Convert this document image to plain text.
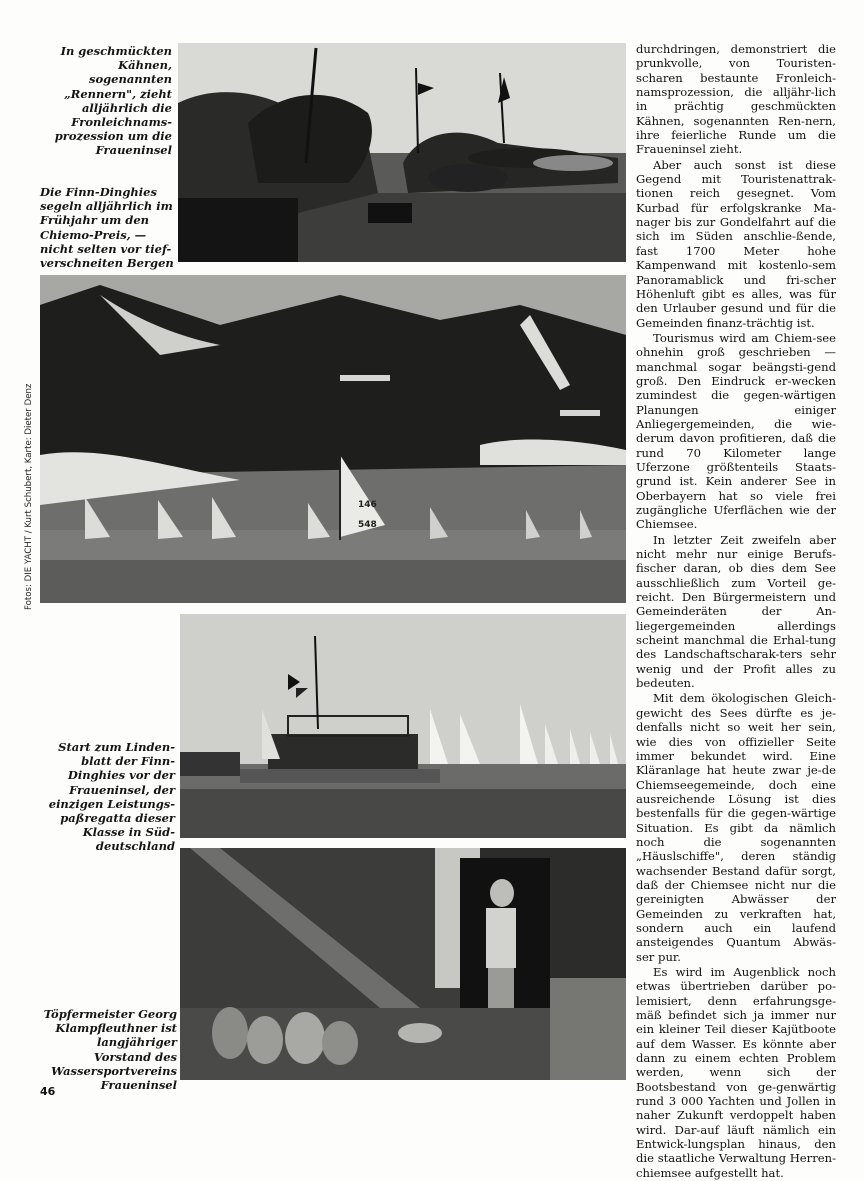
In geschmückten Kähnen, sogenannten „Rennern", zieht alljährlich die Fronleichnams-prozession um die Fraueninsel
Die Finn-Dinghies segeln alljährlich im Frühjahr um den Chiemo-Preis, — nicht selten vor tief-verschneiten Bergen
146
548
Fotos: DIE YACHT / Kurt Schubert, Karte: Dieter Denz
Start zum Linden-blatt der Finn-Dinghies vor der Fraueninsel, der einzigen Leistungs-paßregatta dieser Klasse in Süd-deutschland
Töpfermeister Georg Klampfleuthner ist langjähriger Vorstand des Wassersportvereins Fraueninsel

durchdringen, demonstriert die prunkvolle, von Touristen-scharen bestaunte Fronleich-namsprozession, die alljähr-lich in prächtig geschmückten Kähnen, sogenannten Ren-nern, ihre feierliche Runde um die Fraueninsel zieht.

Aber auch sonst ist diese Gegend mit Touristenattrak-tionen reich gesegnet. Vom Kurbad für erfolgskranke Ma-nager bis zur Gondelfahrt auf die sich im Süden anschlie-ßende, fast 1700 Meter hohe Kampenwand mit kostenlo-sem Panoramablick und fri-scher Höhenluft gibt es alles, was für den Urlauber gesund und für die Gemeinden finanz-trächtig ist.

Tourismus wird am Chiem-see ohnehin groß geschrieben — manchmal sogar beängsti-gend groß. Den Eindruck er-wecken zumindest die gegen-wärtigen Planungen einiger Anliegergemeinden, die wie-derum davon profitieren, daß die rund 70 Kilometer lange Uferzone größtenteils Staats-grund ist. Kein anderer See in Oberbayern hat so viele frei zugängliche Uferflächen wie der Chiemsee.

In letzter Zeit zweifeln aber nicht mehr nur einige Berufs-fischer daran, ob dies dem See ausschließlich zum Vorteil ge-reicht. Den Bürgermeistern und Gemeinderäten der An-liegergemeinden allerdings scheint manchmal die Erhal-tung des Landschaftscharak-ters sehr wenig und der Profit alles zu bedeuten.

Mit dem ökologischen Gleich-gewicht des Sees dürfte es je-denfalls nicht so weit her sein, wie dies von offizieller Seite immer bekundet wird. Eine Kläranlage hat heute zwar je-de Chiemseegemeinde, doch eine ausreichende Lösung ist dies bestenfalls für die gegen-wärtige Situation. Es gibt da nämlich noch die sogenannten „Häuslschiffe", deren ständig wachsender Bestand dafür sorgt, daß der Chiemsee nicht nur die gereinigten Abwässer der Gemeinden zu verkraften hat, sondern auch ein laufend ansteigendes Quantum Abwäs-ser pur.

Es wird im Augenblick noch etwas übertrieben darüber po-lemisiert, denn erfahrungsge-mäß befindet sich ja immer nur ein kleiner Teil dieser Kajütboote auf dem Wasser. Es könnte aber dann zu einem echten Problem werden, wenn sich der Bootsbestand von ge-genwärtig rund 3 000 Yachten und Jollen in naher Zukunft verdoppelt haben wird. Dar-auf läuft nämlich ein Entwick-lungsplan hinaus, den die staatliche Verwaltung Herren-chiemsee aufgestellt hat.

46
